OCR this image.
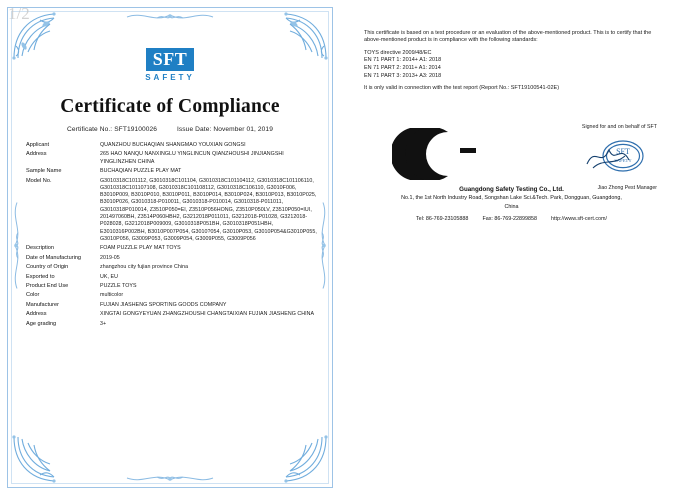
1/2
SFT
SAFETY
Certificate of Compliance
Certificate No.: SFT19100026	Issue Date: November 01, 2019
Applicant	QUANZHOU BUCHAQIAN SHANGMAO YOUXIAN GONGSI
Address	265 HAO NANQU NANXINGLU YINGLINCUN QIANZHOUSHI JINJIANGSHI YINGLINZHEN CHINA
Sample Name	BUCHAQIAN PUZZLE PLAY MAT
Model No.	G3010318C101112, G3010318C101104, G3010318C101104112, G3010318C101106110, G3010318C101107108, G3010318C101108112, G3010318C106110, G3010F006, B3010P009, B3010P010, B3010P011, B3010P014, B3010P024, B3010P013, B3010P025, B3010P026, G3010318-P010011, G3010318-P010014, G3010318-P011011, G3010318P010014, Z3510P050=EI, Z3510P056HONG, Z3510P050LV, Z3510P050=IUI, 201497060BH, Z3514P060HBH2, G3212018P011011, G3212018-P01028, G3212018-P028028, G3212018P009009, G3010318P051BH, G3010318P051HBH, E3010316P002BH, B3010P007P054, G3010?054, G3010P053, G3010P054&G3010P055, G3010P056, G3009P053, G3009P054, G3009P055, G3009P056
Description	FOAM PUZZLE PLAY MAT TOYS
Date of Manufacturing	2019-05
Country of Origin	zhangzhou city fujian province China
Exported to	UK, EU
Product End Use	PUZZLE TOYS
Color	multicolor
Manufacturer	FUJIAN JIASHENG SPORTING GOODS COMPANY
Address	XINGTAI GONGYEYUAN ZHANGZHOUSHI CHANGTAIXIAN FUJIAN JIASHENG CHINA
Age grading	3+

This certificate is based on a test procedure or an evaluation of the above-mentioned product. This is to certify that the above-mentioned product is in compliance with the following standards:

TOYS directive 2009/48/EC
EN 71 PART 1: 2014+ A1: 2018
EN 71 PART 2: 2011+ A1: 2014
EN 71 PART 3: 2013+ A3: 2018
It is only valid in connection with the test report (Report No.: SFT19100541-02E)
Signed for and on behalf of SFT
SFT
SAFETY
Jiao Zhong Pest Manager
Guangdong Safety Testing Co., Ltd.
No.1, the 1st North Industry Road, Songshan Lake Sci.&Tech. Park, Dongguan, Guangdong,
China
Tel: 86-769-23105888	Fax: 86-769-22899858	http://www.sft-cert.com/
